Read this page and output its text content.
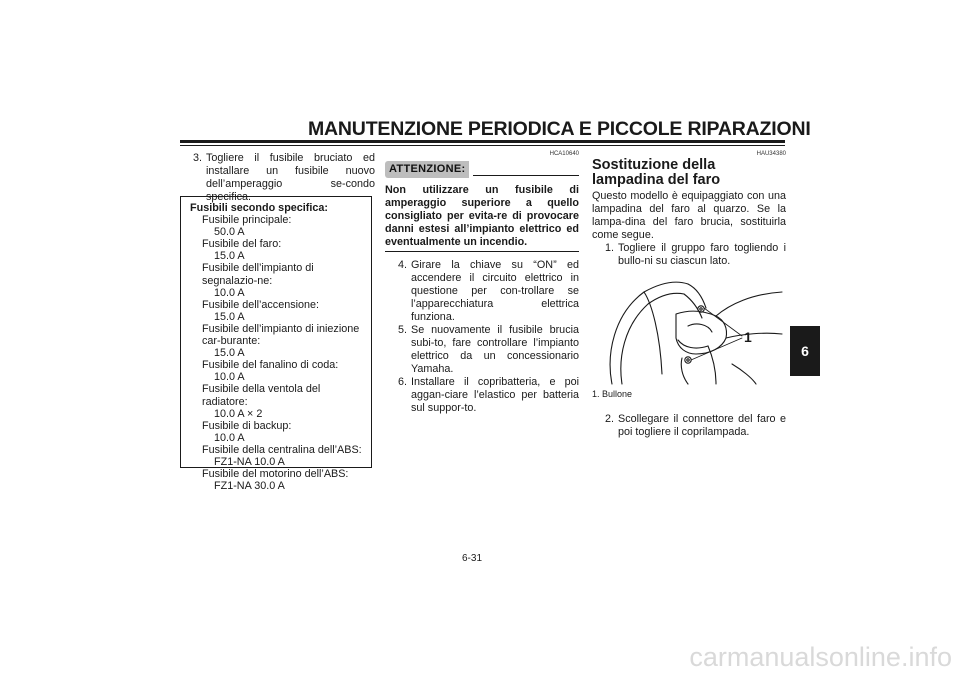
MANUTENZIONE PERIODICA E PICCOLE RIPARAZIONI
3. Togliere il fusibile bruciato ed installare un fusibile nuovo dell’amperaggio se-condo specifica.
Fusibili secondo specifica:
Fusibile principale:
50.0 A
Fusibile del faro:
15.0 A
Fusibile dell’impianto di segnalazio-ne:
10.0 A
Fusibile dell’accensione:
15.0 A
Fusibile dell’impianto di iniezione car-burante:
15.0 A
Fusibile del fanalino di coda:
10.0 A
Fusibile della ventola del radiatore:
10.0 A × 2
Fusibile di backup:
10.0 A
Fusibile della centralina dell’ABS:
FZ1-NA 10.0 A
Fusibile del motorino dell’ABS:
FZ1-NA 30.0 A
HCA10640
ATTENZIONE:
Non utilizzare un fusibile di amperaggio superiore a quello consigliato per evita-re di provocare danni estesi all’impianto elettrico ed eventualmente un incendio.
4. Girare la chiave su “ON” ed accendere il circuito elettrico in questione per con-trollare se l’apparecchiatura elettrica funziona.
5. Se nuovamente il fusibile brucia subi-to, fare controllare l’impianto elettrico da un concessionario Yamaha.
6. Installare il copribatteria, e poi aggan-ciare l’elastico per batteria sul suppor-to.
HAU34380
Sostituzione della lampadina del faro
Questo modello è equipaggiato con una lampadina del faro al quarzo. Se la lampa-dina del faro brucia, sostituirla come segue.
1. Togliere il gruppo faro togliendo i bullo-ni su ciascun lato.
1
1. Bullone
2. Scollegare il connettore del faro e poi togliere il coprilampada.
6
6-31
carmanualsonline.info
